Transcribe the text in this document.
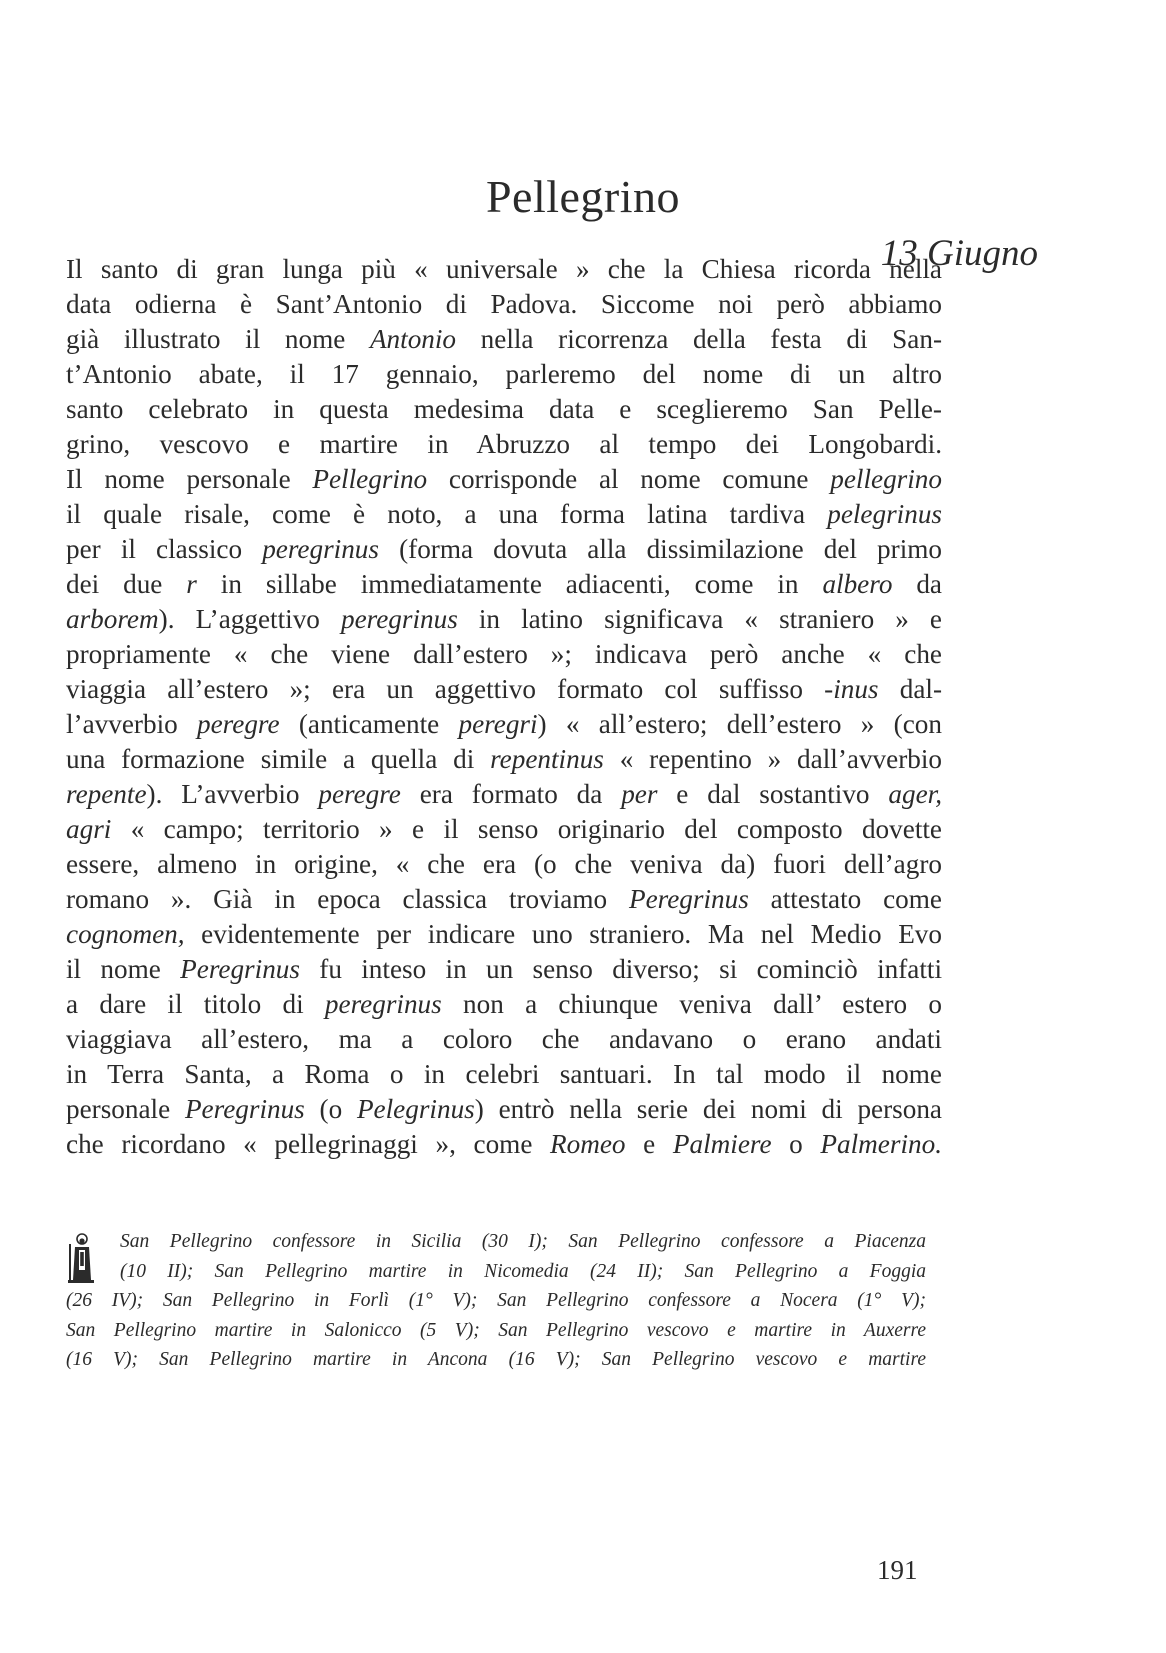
Pellegrino
13 Giugno
Il santo di gran lunga più « universale » che la Chiesa ricorda nella
data odierna è Sant’Antonio di Padova. Siccome noi però abbiamo
già illustrato il nome Antonio nella ricorrenza della festa di San-
t’Antonio abate, il 17 gennaio, parleremo del nome di un altro
santo celebrato in questa medesima data e sceglieremo San Pelle-
grino, vescovo e martire in Abruzzo al tempo dei Longobardi.
Il nome personale Pellegrino corrisponde al nome comune pellegrino
il quale risale, come è noto, a una forma latina tardiva pelegrinus
per il classico peregrinus (forma dovuta alla dissimilazione del primo
dei due r in sillabe immediatamente adiacenti, come in albero da
arborem). L’aggettivo peregrinus in latino significava « straniero » e
propriamente « che viene dall’estero »; indicava però anche « che
viaggia all’estero »; era un aggettivo formato col suffisso -inus dal-
l’avverbio peregre (anticamente peregri) « all’estero; dell’estero » (con
una formazione simile a quella di repentinus « repentino » dall’avverbio
repente). L’avverbio peregre era formato da per e dal sostantivo ager,
agri « campo; territorio » e il senso originario del composto dovette
essere, almeno in origine, « che era (o che veniva da) fuori dell’agro
romano ». Già in epoca classica troviamo Peregrinus attestato come
cognomen, evidentemente per indicare uno straniero. Ma nel Medio Evo
il nome Peregrinus fu inteso in un senso diverso; si cominciò infatti
a dare il titolo di peregrinus non a chiunque veniva dall’ estero o
viaggiava all’estero, ma a coloro che andavano o erano andati
in Terra Santa, a Roma o in celebri santuari. In tal modo il nome
personale Peregrinus (o Pelegrinus) entrò nella serie dei nomi di persona
che ricordano « pellegrinaggi », come Romeo e Palmiere o Palmerino.
San Pellegrino confessore in Sicilia (30 I); San Pellegrino confessore a Piacenza
(10 II); San Pellegrino martire in Nicomedia (24 II); San Pellegrino a Foggia
(26 IV); San Pellegrino in Forlì (1° V); San Pellegrino confessore a Nocera (1° V);
San Pellegrino martire in Salonicco (5 V); San Pellegrino vescovo e martire in Auxerre
(16 V); San Pellegrino martire in Ancona (16 V); San Pellegrino vescovo e martire
191
